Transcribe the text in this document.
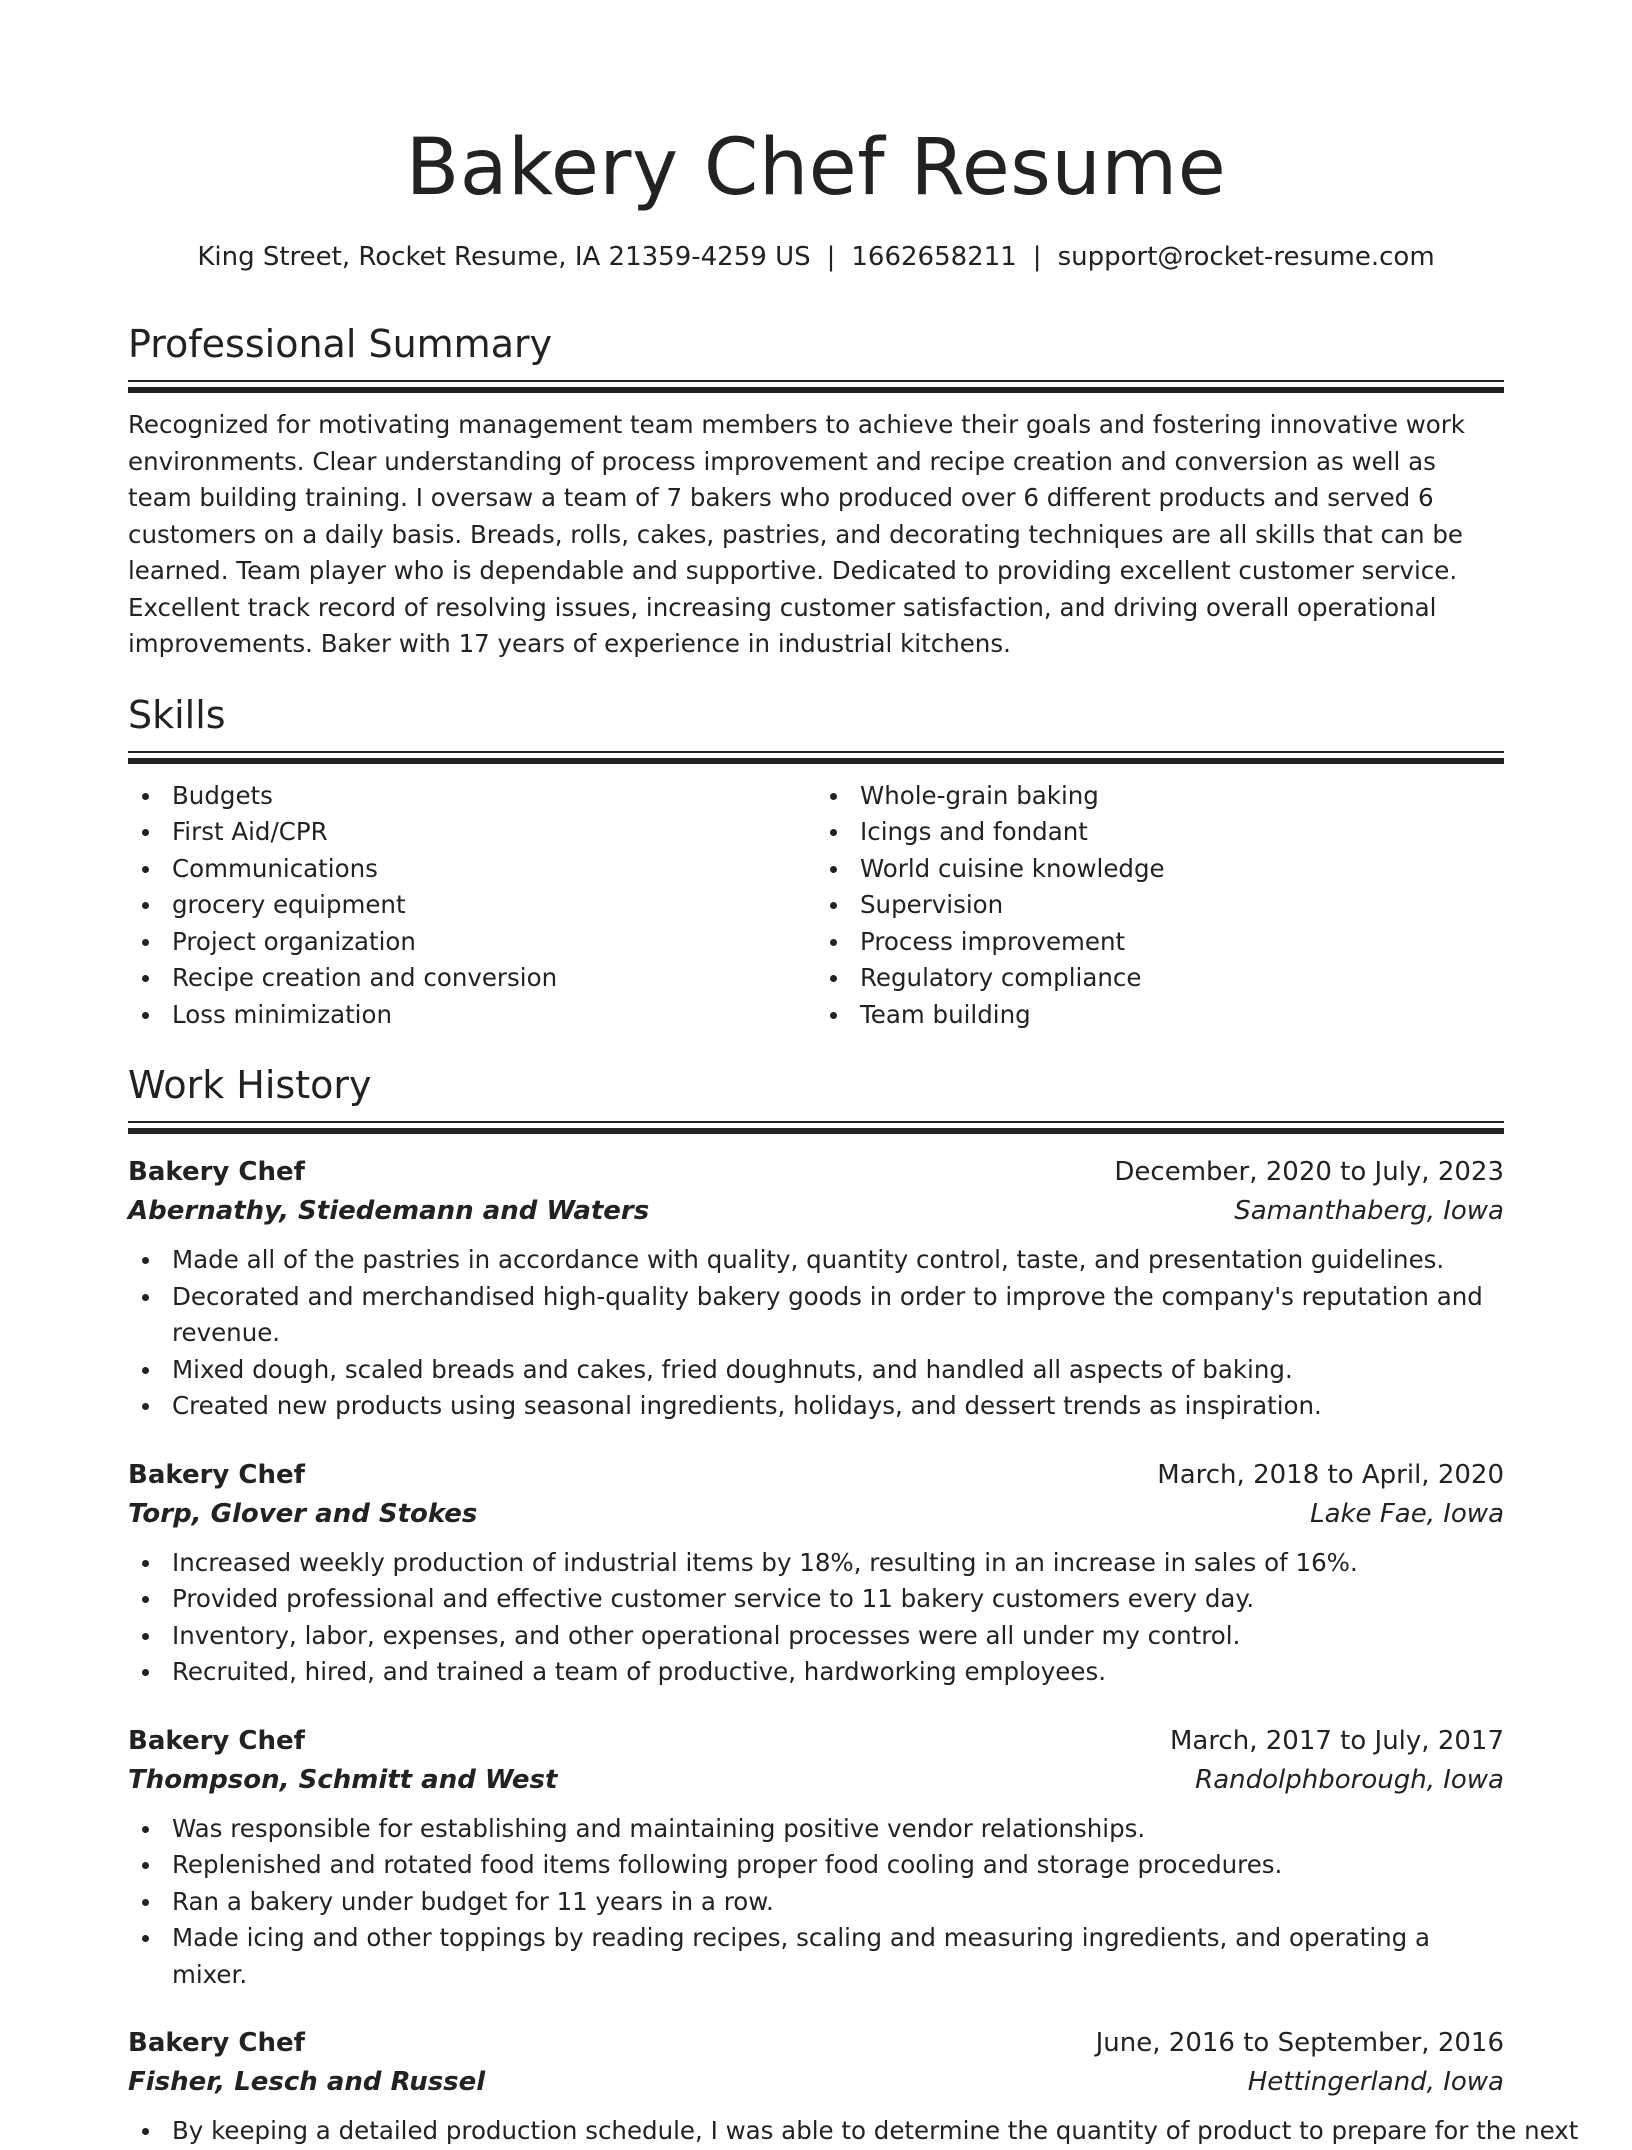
Bakery Chef Resume
King Street, Rocket Resume, IA 21359-4259 US | 1662658211 | support@rocket-resume.com
Professional Summary

Recognized for motivating management team members to achieve their goals and fostering innovative work environments. Clear understanding of process improvement and recipe creation and conversion as well as team building training. I oversaw a team of 7 bakers who produced over 6 different products and served 6 customers on a daily basis. Breads, rolls, cakes, pastries, and decorating techniques are all skills that can be learned. Team player who is dependable and supportive. Dedicated to providing excellent customer service. Excellent track record of resolving issues, increasing customer satisfaction, and driving overall operational improvements. Baker with 17 years of experience in industrial kitchens.

Skills
Budgets
First Aid/CPR
Communications
grocery equipment
Project organization
Recipe creation and conversion
Loss minimization
Whole-grain baking
Icings and fondant
World cuisine knowledge
Supervision
Process improvement
Regulatory compliance
Team building
Work History
Bakery Chef	December, 2020 to July, 2023
Abernathy, Stiedemann and Waters	Samanthaberg, Iowa
Made all of the pastries in accordance with quality, quantity control, taste, and presentation guidelines.
Decorated and merchandised high-quality bakery goods in order to improve the company's reputation and revenue.
Mixed dough, scaled breads and cakes, fried doughnuts, and handled all aspects of baking.
Created new products using seasonal ingredients, holidays, and dessert trends as inspiration.
Bakery Chef	March, 2018 to April, 2020
Torp, Glover and Stokes	Lake Fae, Iowa
Increased weekly production of industrial items by 18%, resulting in an increase in sales of 16%.
Provided professional and effective customer service to 11 bakery customers every day.
Inventory, labor, expenses, and other operational processes were all under my control.
Recruited, hired, and trained a team of productive, hardworking employees.
Bakery Chef	March, 2017 to July, 2017
Thompson, Schmitt and West	Randolphborough, Iowa
Was responsible for establishing and maintaining positive vendor relationships.
Replenished and rotated food items following proper food cooling and storage procedures.
Ran a bakery under budget for 11 years in a row.
Made icing and other toppings by reading recipes, scaling and measuring ingredients, and operating a mixer.
Bakery Chef	June, 2016 to September, 2016
Fisher, Lesch and Russel	Hettingerland, Iowa
By keeping a detailed production schedule, I was able to determine the quantity of product to prepare for the next
